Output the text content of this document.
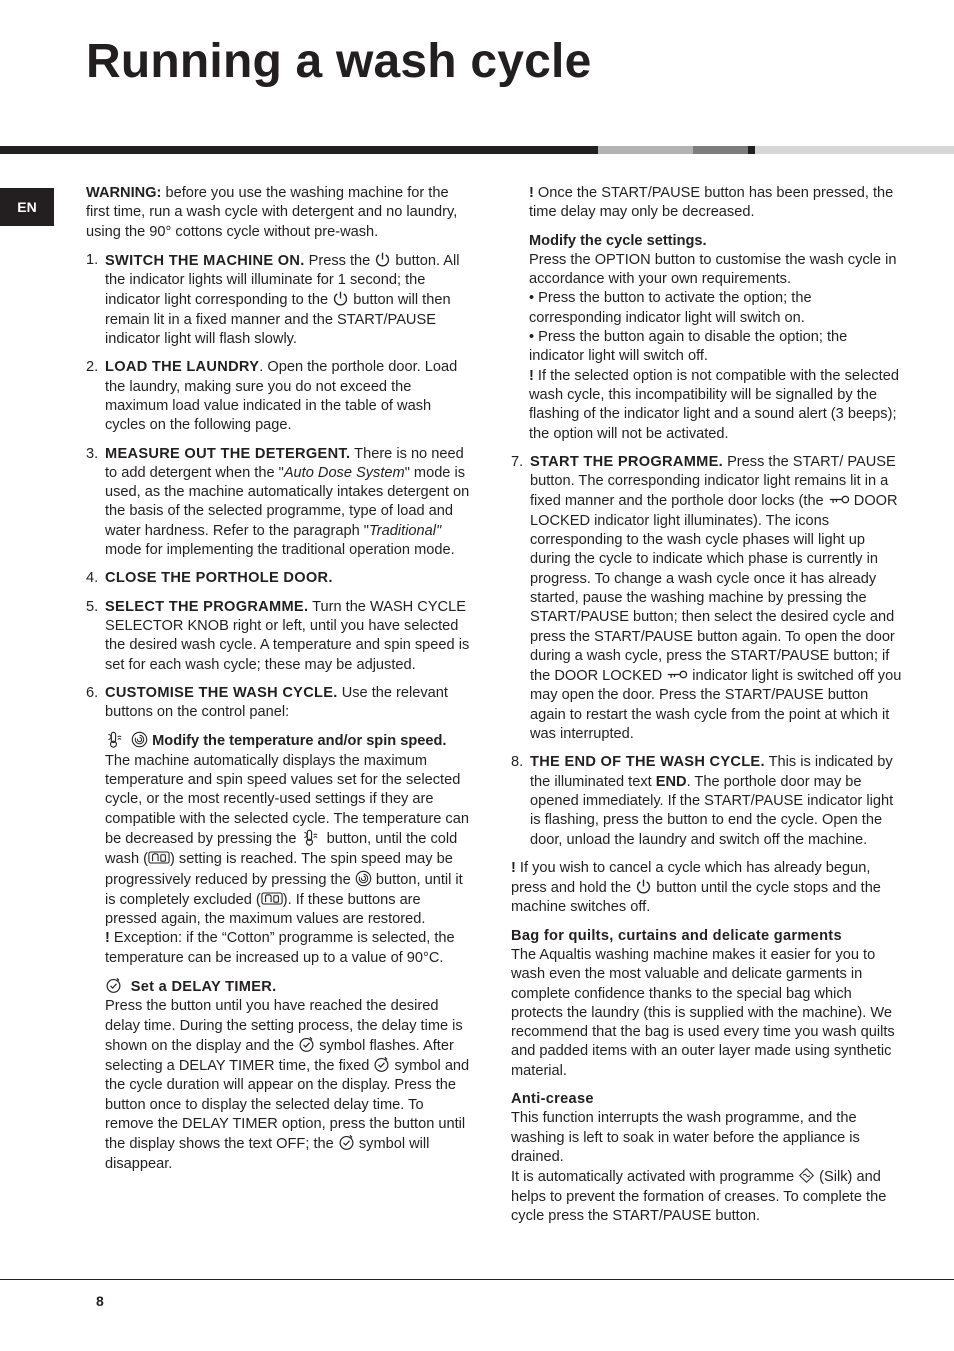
Running a wash cycle
EN

WARNING: before you use the washing machine for the first time, run a wash cycle with detergent and no laundry, using the 90° cottons cycle without pre-wash.

1. SWITCH THE MACHINE ON. Press the
button. All the indicator lights will illuminate for 1 second; the indicator light corresponding to the
button will then remain lit in a fixed manner and the START/PAUSE indicator light will flash slowly.
2. LOAD THE LAUNDRY. Open the porthole door. Load the laundry, making sure you do not exceed the maximum load value indicated in the table of wash cycles on the following page.
3. MEASURE OUT THE DETERGENT. There is no need to add detergent when the "Auto Dose System" mode is used, as the machine automatically intakes detergent on the basis of the selected programme, type of load and water hardness. Refer to the paragraph "Traditional" mode for implementing the traditional operation mode.
4. CLOSE THE PORTHOLE DOOR.
5. SELECT THE PROGRAMME. Turn the WASH CYCLE SELECTOR KNOB right or left, until you have selected the desired wash cycle. A temperature and spin speed is set for each wash cycle; these may be adjusted.
6. CUSTOMISE THE WASH CYCLE. Use the relevant buttons on the control panel:

Modify the temperature and/or spin speed.
The machine automatically displays the maximum temperature and spin speed values set for the selected cycle, or the most recently-used settings if they are compatible with the selected cycle. The temperature can be decreased by pressing the
button, until the cold wash ( ) setting is reached. The spin speed may be progressively reduced by pressing the
button, until it is completely excluded ( ). If these buttons are pressed again, the maximum values are restored.
! Exception: if the “Cotton” programme is selected, the temperature can be increased up to a value of 90°C.
Set a DELAY TIMER.
Press the button until you have reached the desired delay time. During the setting process, the delay time is shown on the display and the
symbol flashes. After selecting a DELAY TIMER time, the fixed
symbol and the cycle duration will appear on the display. Press the button once to display the selected delay time. To remove the DELAY TIMER option, press the button until the display shows the text OFF; the
symbol will disappear.

! Once the START/PAUSE button has been pressed, the time delay may only be decreased.

Modify the cycle settings.
Press the OPTION button to customise the wash cycle in accordance with your own requirements.
• Press the button to activate the option; the corresponding indicator light will switch on.
• Press the button again to disable the option; the indicator light will switch off.
! If the selected option is not compatible with the selected wash cycle, this incompatibility will be signalled by the flashing of the indicator light and a sound alert (3 beeps); the option will not be activated.
7. START THE PROGRAMME. Press the START/ PAUSE button. The corresponding indicator light remains lit in a fixed manner and the porthole door locks (the
DOOR LOCKED indicator light illuminates). The icons corresponding to the wash cycle phases will light up during the cycle to indicate which phase is currently in progress. To change a wash cycle once it has already started, pause the washing machine by pressing the START/PAUSE button; then select the desired cycle and press the START/PAUSE button again. To open the door during a wash cycle, press the START/PAUSE button; if the DOOR LOCKED
indicator light is switched off you may open the door. Press the START/PAUSE button again to restart the wash cycle from the point at which it was interrupted.
8. THE END OF THE WASH CYCLE. This is indicated by the illuminated text END. The porthole door may be opened immediately. If the START/PAUSE indicator light is flashing, press the button to end the cycle. Open the door, unload the laundry and switch off the machine.

! If you wish to cancel a cycle which has already begun, press and hold the
button until the cycle stops and the machine switches off.

Bag for quilts, curtains and delicate garments
The Aqualtis washing machine makes it easier for you to wash even the most valuable and delicate garments in complete confidence thanks to the special bag which protects the laundry (this is supplied with the machine). We recommend that the bag is used every time you wash quilts and padded items with an outer layer made using synthetic material.
Anti-crease
This function interrupts the wash programme, and the washing is left to soak in water before the appliance is drained.
It is automatically activated with programme
(Silk) and helps to prevent the formation of creases. To complete the cycle press the START/PAUSE button.
8
